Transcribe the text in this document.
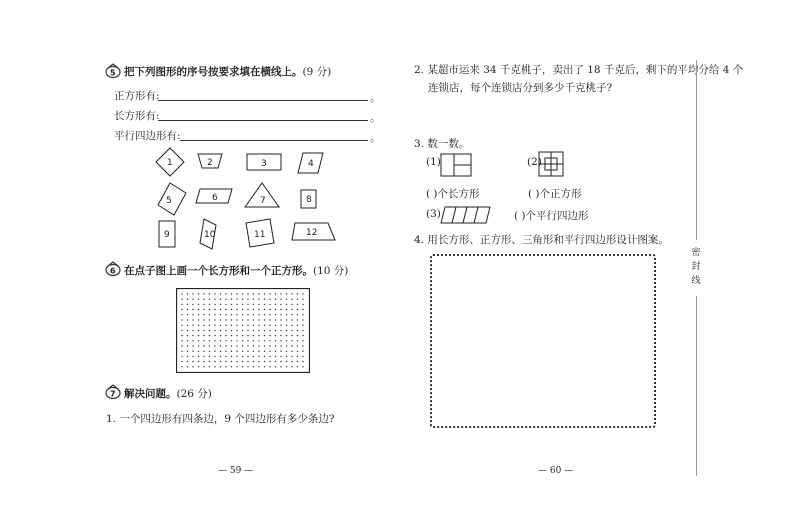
5 把下列图形的序号按要求填在横线上。(9 分)
正方形有:	。
长方形有:	。
平行四边形有:	。
1	2	3	4
5	6	7	8
9	10	11	12
6 在点子图上画一个长方形和一个正方形。(10 分)
7 解决问题。(26 分)
1. 一个四边形有四条边，9 个四边形有多少条边?
— 59 —
2. 某超市运来 34 千克桃子，卖出了 18 千克后，剩下的平均分给 4 个
连锁店，每个连锁店分到多少千克桃子?
3. 数一数。
(1)
( )个长方形
(2)
( )个正方形
(3)	( )个平行四边形
4. 用长方形、正方形、三角形和平行四边形设计图案。
— 60 —
密 封 线
